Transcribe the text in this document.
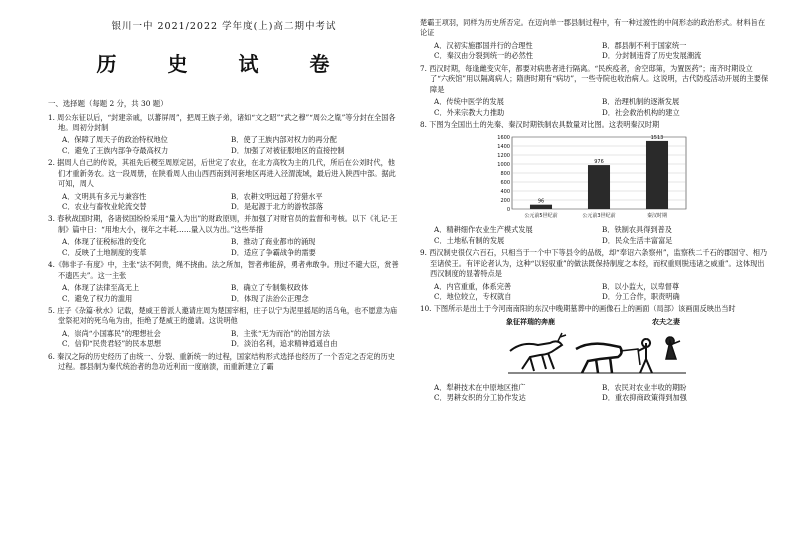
银川一中 2021/2022 学年度(上)高二期中考试
历 史 试 卷
一、选择题（每题 2 分，共 30 题）
1. 周公东征以后，“封建亲戚，以蕃屏周”，把周王族子弟，诸如“文之昭”“武之穆”“周公之胤”等分封在全国各地。周初分封制
A．保障了周天子的政治特权地位	B．使了王族内部对权力的再分配
C．避免了王族内部争夺最高权力	D．加强了对被征服地区的直接控制
2. 据周人自己的传说，其祖先后稷至周原定居，后世定了农业，在北方高牧为主的几代，所后在公刘时代，他们才重新务农。这一段周册，在陕看周人由山西西南到河套地区再进入泾渭流域，最后进入陕西中部。据此可知，周人
A．文明具有多元与兼容性	B．农耕文明远超了狩猎水平
C．农业与畜牧业轮流交替	D．是起源于北方的游牧部落
3. 春秋战国时期，各诸侯国纷纷采用“量入为出”的财政原则，并加强了对财官员的监督和考核。以下《礼记·王制》篇中日：“用地大小，视年之丰耗……量入以为出。”这些举措
A．体现了征税标准的变化	B．推动了商业都市的涌现
C．反映了土地制度的变革	D．适应了争霸战争的需要
4.《韩非子·有度》中，主张“法不阿贵，绳不挠曲。法之所加，智者弗能辞，勇者弗敢争。刑过不避大臣，赏善不遗匹夫”。这一主张
A．体现了法律至高无上	B．确立了专制集权政体
C．避免了权力的滥用	D．体现了法治公正理念
5. 庄子《杂篇·秋水》记载，楚威王曾派人邀请庄周为楚国宰相，庄子以宁为泥里摇尾的活乌龟，也不愿意为庙堂祭祀对的死乌龟为由，拒绝了楚威王的邀请。这说明他
A．崇尚“小国寡民”的理想社会	B．主张“无为而治”的治国方法
C．信仰“民贵君轻”的民本思想	D．淡泊名利，追求精神逍遥自由
6. 秦汉之际的历史经历了由统一、分裂、重新统一的过程，国家结构形式选择也经历了一个否定之否定的历史过程。郡县制为秦代统治者的急功近利而一度崩溃，而重新建立了霸
楚霸王项羽，同样为历史所否定。在迈向单一郡县制过程中，有一种过渡性的中间形态的政治形式。材料旨在论证
A．汉初实施郡国并行的合理性	B．郡县制不利于国家统一
C．秦汉由分裂到统一的必然性	D．分封制违背了历史发展潮流
7. 西汉时期，每逢雌变灾年，都要对病患者进行隔离。“民疾疫者，舍空邸第，为置医药”；南齐时期设立了“六疾馆”用以隔离病人；隋唐时期有“病坊”，一些寺院也收治病人。这说明，古代防疫活动开展的主要保障是
A．传统中医学的发展	B．治理机制的逐渐发展
C．外来宗教大力推助	D．社会救治机构的建立
8. 下图为全国出土的先秦、秦汉时期铁制农具数量对比图。这表明秦汉时期
0
200
400
600
800
1000
1200
1400
1600
96
公元前5世纪前
976
公元前3世纪前
1513
秦汉时期
A．精耕细作农业生产模式发展	B．铁制农具得到普及
C．土地私有制的发展	D．民众生活丰富富足
9. 西汉制史很仅六百石，只相当于一个中下等县令的品级，却“奉诏六条察州”，监察秩二千石的郡国守、相乃至诸侯王。有评论者认为，这种“以轻驭重”的做法既保持制度之本经，而权重则脱违诸之威重”。这体现出西汉制度的显著特点是
A．内官重重，体系完善	B．以小监大，以卑督尊
C．地位较立，专权就自	D．分工合作，职责明确
10. 下图所示是出土于今河南南阳的东汉中晚期墓葬中的画像石上的画面（局部）该画面反映出当时
象征祥瑞的奔鹿	农夫之妻
A．犁耕技术在中原地区推广	B．农民对农业丰收的期盼
C．男耕女织的分工协作发达	D．重农抑商政策得到加强
